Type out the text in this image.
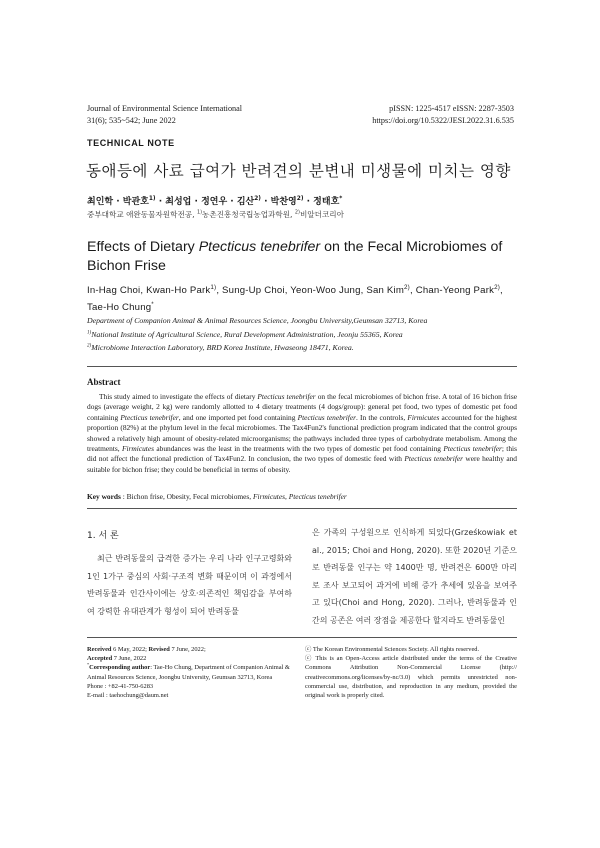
Journal of Environmental Science International
31(6); 535~542; June 2022
pISSN: 1225-4517 eISSN: 2287-3503
https://doi.org/10.5322/JESI.2022.31.6.535
TECHNICAL NOTE
동애등에 사료 급여가 반려견의 분변내 미생물에 미치는 영향
최인학 · 박관호$^{1)}$ · 최성업 · 정연우 · 김산$^{2)}$ · 박찬영$^{2)}$ · 정태호*
중부대학교 애완동물자원학전공, $^{1)}$농촌진흥청국립농업과학원, $^{2)}$비알더코리아
Effects of Dietary Ptecticus tenebrifer on the Fecal Microbiomes of Bichon Frise
In-Hag Choi, Kwan-Ho Park$^{1)}$, Sung-Up Choi, Yeon-Woo Jung, San Kim$^{2)}$, Chan-Yeong Park$^{2)}$, Tae-Ho Chung*
Department of Companion Animal & Animal Resources Science, Joongbu University,Geumsan 32713, Korea
$^{1)}$National Institute of Agricultural Science, Rural Development Administration, Jeonju 55365, Korea
$^{2)}$Microbiome Interaction Laboratory, BRD Korea Institute, Hwaseong 18471, Korea.
Abstract
This study aimed to investigate the effects of dietary Ptecticus tenebrifer on the fecal microbiomes of bichon frise. A total of 16 bichon frise dogs (average weight, 2 kg) were randomly allotted to 4 dietary treatments (4 dogs/group): general pet food, two types of domestic pet food containing Ptecticus tenebrifer, and one imported pet food containing Ptecticus tenebrifer. In the controls, Firmicutes accounted for the highest proportion (82%) at the phylum level in the fecal microbiomes. The Tax4Fun2's functional prediction program indicated that the control groups showed a relatively high amount of obesity-related microorganisms; the pathways included three types of carbohydrate metabolism. Among the treatments, Firmicutes abundances was the least in the treatments with the two types of domestic pet food containing Ptecticus tenebrifer; this did not affect the functional prediction of Tax4Fun2. In conclusion, the two types of domestic feed with Ptecticus tenebrifer were healthy and suitable for bichon frise; they could be beneficial in terms of obesity.
Key words : Bichon frise, Obesity, Fecal microbiomes, Firmicutes, Ptecticus tenebrifer
1. 서 론
최근 반려동물의 급격한 증가는 우리 나라 인구고령화와 1인 1가구 중심의 사회·구조적 변화 때문이며 이 과정에서 반려동물과 인간사이에는 상호·의존적인 책임감을 부여하여 강력한 유대관계가 형성이 되어 반려동물
은 가족의 구성원으로 인식하게 되었다(Grześkowiak et al., 2015; Choi and Hong, 2020). 또한 2020년 기준으로 반려동물 인구는 약 1400만 명, 반려견은 600만 마리로 조사 보고되어 과거에 비해 증가 추세에 있음을 보여주고 있다(Choi and Hong, 2020). 그러나, 반려동물과 인간의 공존은 여러 장점을 제공한다 할지라도 반려동물인
Received 6 May, 2022; Revised 7 June, 2022;
Accepted 7 June, 2022
*Corresponding author: Tae-Ho Chung, Department of Companion Animal & Animal Resources Science, Joongbu University, Geumsan 32713, Korea
Phone : +82-41-750-6283
E-mail : taehochung@daum.net
ⓒ The Korean Environmental Sciences Society. All rights reserved.
ⓒ This is an Open-Access article distributed under the terms of the Creative Commons Attribution Non-Commercial License (http:// creativecommons.org/licenses/by-nc/3.0) which permits unrestricted non-commercial use, distribution, and reproduction in any medium, provided the original work is properly cited.
